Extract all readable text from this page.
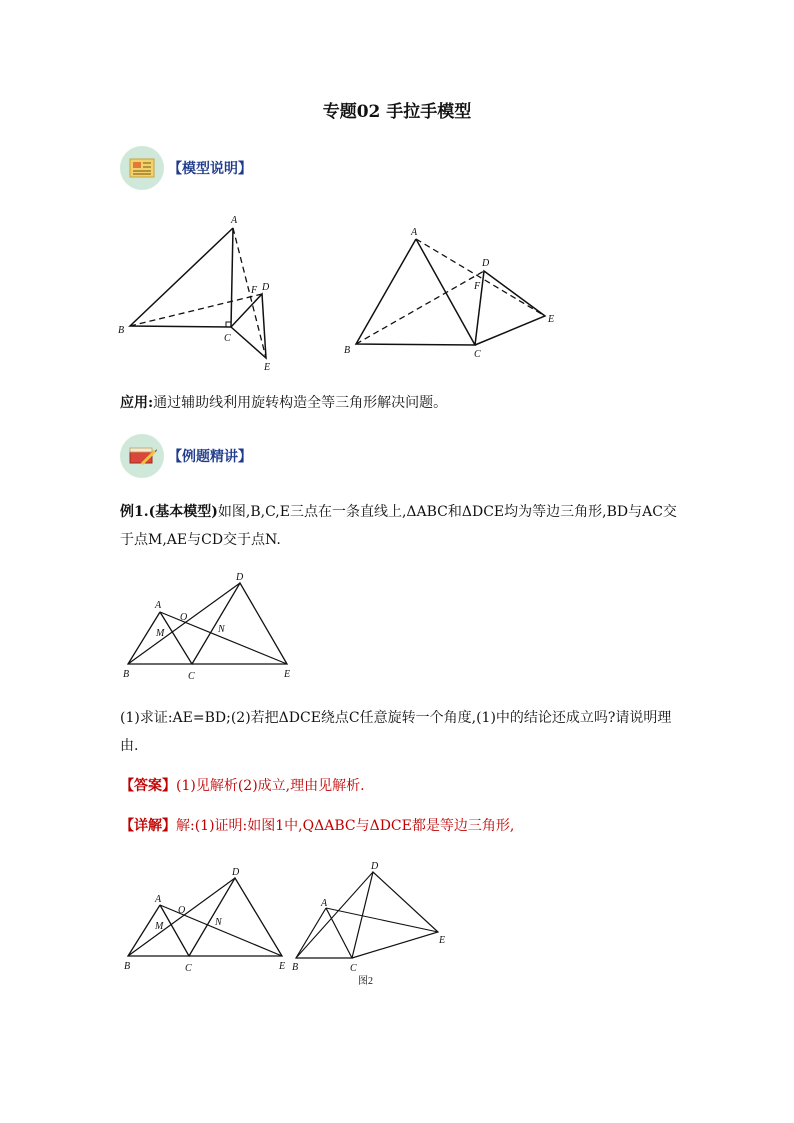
专题02 手拉手模型
【模型说明】
A
B
C
D
E
F
A
B	C
D
E
F
应用:通过辅助线利用旋转构造全等三角形解决问题。
【例题精讲】
例1.(基本模型)如图,B,C,E三点在一条直线上,ΔABC和ΔDCE均为等边三角形,BD与AC交于点M,AE与CD交于点N.
A
B	C
D
E
M	N
O
(1)求证:AE=BD;(2)若把ΔDCE绕点C任意旋转一个角度,(1)中的结论还成立吗?请说明理由.
【答案】(1)见解析(2)成立,理由见解析.
【详解】解:(1)证明:如图1中,QΔABC与ΔDCE都是等边三角形,
A
B	C
D
E
M	N
O
A
B	C
D
E
图2
